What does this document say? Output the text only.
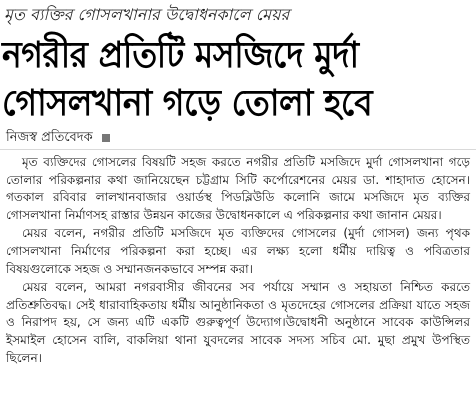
মৃত ব্যক্তির গোসলখানার উদ্বোধনকালে মেয়র
নগরীর প্রতিটি মসজিদে মুর্দা
গোসলখানা গড়ে তোলা হবে
নিজস্ব প্রতিবেদক

মৃত ব্যক্তিদের গোসলের বিষয়টি সহজ করতে নগরীর প্রতিটি মসজিদে মুর্দা গোসলখানা গড়ে তোলার পরিকল্পনার কথা জানিয়েছেন চট্টগ্রাম সিটি কর্পোরেশনের মেয়র ডা. শাহাদাত হোসেন। গতকাল রবিবার লালখানবাজার ওয়ার্ডস্থ পিডব্লিউডি কলোনি জামে মসজিদে মৃত ব্যক্তির গোসলখানা নির্মাণসহ রাস্তার উন্নয়ন কাজের উদ্বোধনকালে এ পরিকল্পনার কথা জানান মেয়র।

মেয়র বলেন, নগরীর প্রতিটি মসজিদে মৃত ব্যক্তিদের গোসলের (মুর্দা গোসল) জন্য পৃথক গোসলখানা নির্মাণের পরিকল্পনা করা হচ্ছে। এর লক্ষ্য হলো ধর্মীয় দায়িত্ব ও পবিত্রতার বিষয়গুলোকে সহজ ও সম্মানজনকভাবে সম্পন্ন করা।

মেয়র বলেন, আমরা নগরবাসীর জীবনের সব পর্যায়ে সম্মান ও সহায়তা নিশ্চিত করতে প্রতিশ্রুতিবদ্ধ। সেই ধারাবাহিকতায় ধর্মীয় আনুষ্ঠানিকতা ও মৃতদেহের গোসলের প্রক্রিয়া যাতে সহজ ও নিরাপদ হয়, সে জন্য এটি একটি গুরুত্বপূর্ণ উদ্যোগ।উদ্বোধনী অনুষ্ঠানে সাবেক কাউন্সিলর ইসমাইল হোসেন বালি, বাকলিয়া থানা যুবদলের সাবেক সদস্য সচিব মো. মুছা প্রমুখ উপস্থিত ছিলেন।
